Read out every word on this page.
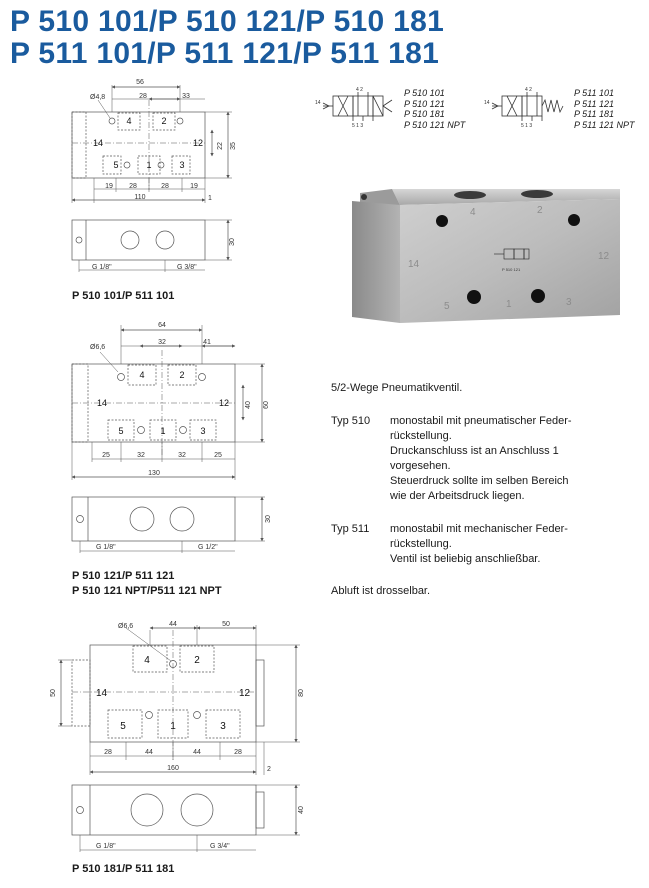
P 510 101/P 510 121/P 510 181
P 511 101/P 511 121/P 511 181
56
Ø4,8	28	33
19 28	28	19
110
22 35
1
4	2
14	12
5	1	3
G 1/8"	G 3/8"
30
64
Ø6,6
32	41
25	32	32	25
130
40 60
4	2
14	12
5	1	3
G 1/8"	G 1/2"
30
Ø6,6	44	50
28	44	44	28
160
50	80
2
4	2
14	12
5	1	3
G 1/8"	G 3/4"
40
4 2
5 1 3
14
4 2
5 1 3
14
P 510 101
P 510 121
P 510 181
P 510 121 NPT
P 511 101
P 511 121
P 511 181
P 511 121 NPT
4	2
14
12
5	1	3
P 510 121
P 510 101/P 511 101
P 510 121/P 511 121
P 510 121 NPT/P511 121 NPT
P 510 181/P 511 181
5/2-Wege Pneumatikventil.
Typ 510 monostabil mit pneumatischer Feder-
rückstellung.
Druckanschluss ist an Anschluss 1
vorgesehen.
Steuerdruck sollte im selben Bereich
wie der Arbeitsdruck liegen.
Typ 511 monostabil mit mechanischer Feder-
rückstellung.
Ventil ist beliebig anschließbar.
Abluft ist drosselbar.
